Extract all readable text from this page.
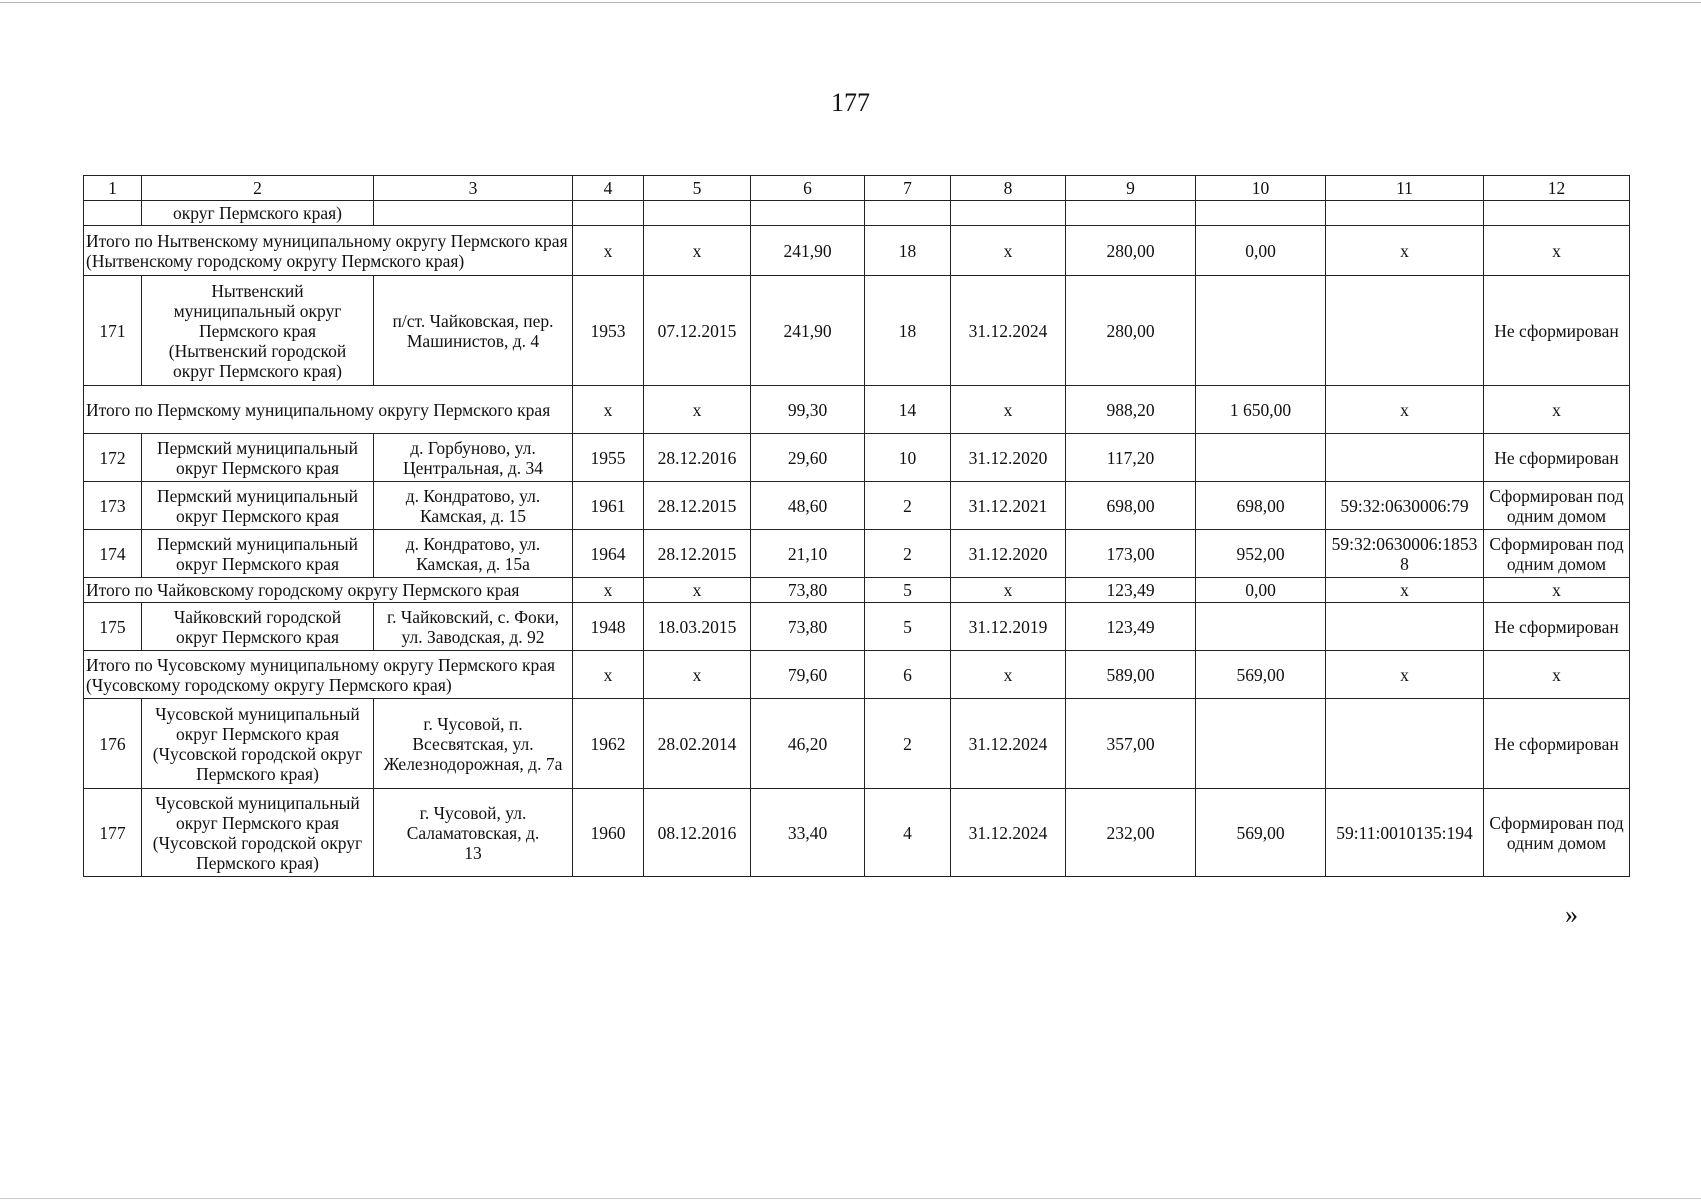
177
1	2	3	4	5	6	7	8	9	10	11	12
	округ Пермского края)										
Итого по Нытвенскому муниципальному округу Пермского края (Нытвенскому городскому округу Пермского края)			x	x	241,90	18	x	280,00	0,00	x	x
171	Нытвенский муниципальный округ Пермского края (Нытвенский городской округ Пермского края)	п/ст. Чайковская, пер. Машинистов, д. 4	1953	07.12.2015	241,90	18	31.12.2024	280,00			Не сформирован
Итого по Пермскому муниципальному округу Пермского края			x	x	99,30	14	x	988,20	1 650,00	x	x
172	Пермский муниципальный округ Пермского края	д. Горбуново, ул. Центральная, д. 34	1955	28.12.2016	29,60	10	31.12.2020	117,20			Не сформирован
173	Пермский муниципальный округ Пермского края	д. Кондратово, ул. Камская, д. 15	1961	28.12.2015	48,60	2	31.12.2021	698,00	698,00	59:32:0630006:79	Сформирован под одним домом
174	Пермский муниципальный округ Пермского края	д. Кондратово, ул. Камская, д. 15а	1964	28.12.2015	21,10	2	31.12.2020	173,00	952,00	59:32:0630006:1853 8	Сформирован под одним домом
Итого по Чайковскому городскому округу Пермского края			x	x	73,80	5	x	123,49	0,00	x	x
175	Чайковский городской округ Пермского края	г. Чайковский, с. Фоки, ул. Заводская, д. 92	1948	18.03.2015	73,80	5	31.12.2019	123,49			Не сформирован
Итого по Чусовскому муниципальному округу Пермского края (Чусовскому городскому округу Пермского края)			x	x	79,60	6	x	589,00	569,00	x	x
176	Чусовской муниципальный округ Пермского края (Чусовской городской округ Пермского края)	г. Чусовой, п. Всесвятская, ул. Железнодорожная, д. 7а	1962	28.02.2014	46,20	2	31.12.2024	357,00			Не сформирован
177	Чусовской муниципальный округ Пермского края (Чусовской городской округ Пермского края)	г. Чусовой, ул. Саламатовская, д. 13	1960	08.12.2016	33,40	4	31.12.2024	232,00	569,00	59:11:0010135:194	Сформирован под одним домом
»
